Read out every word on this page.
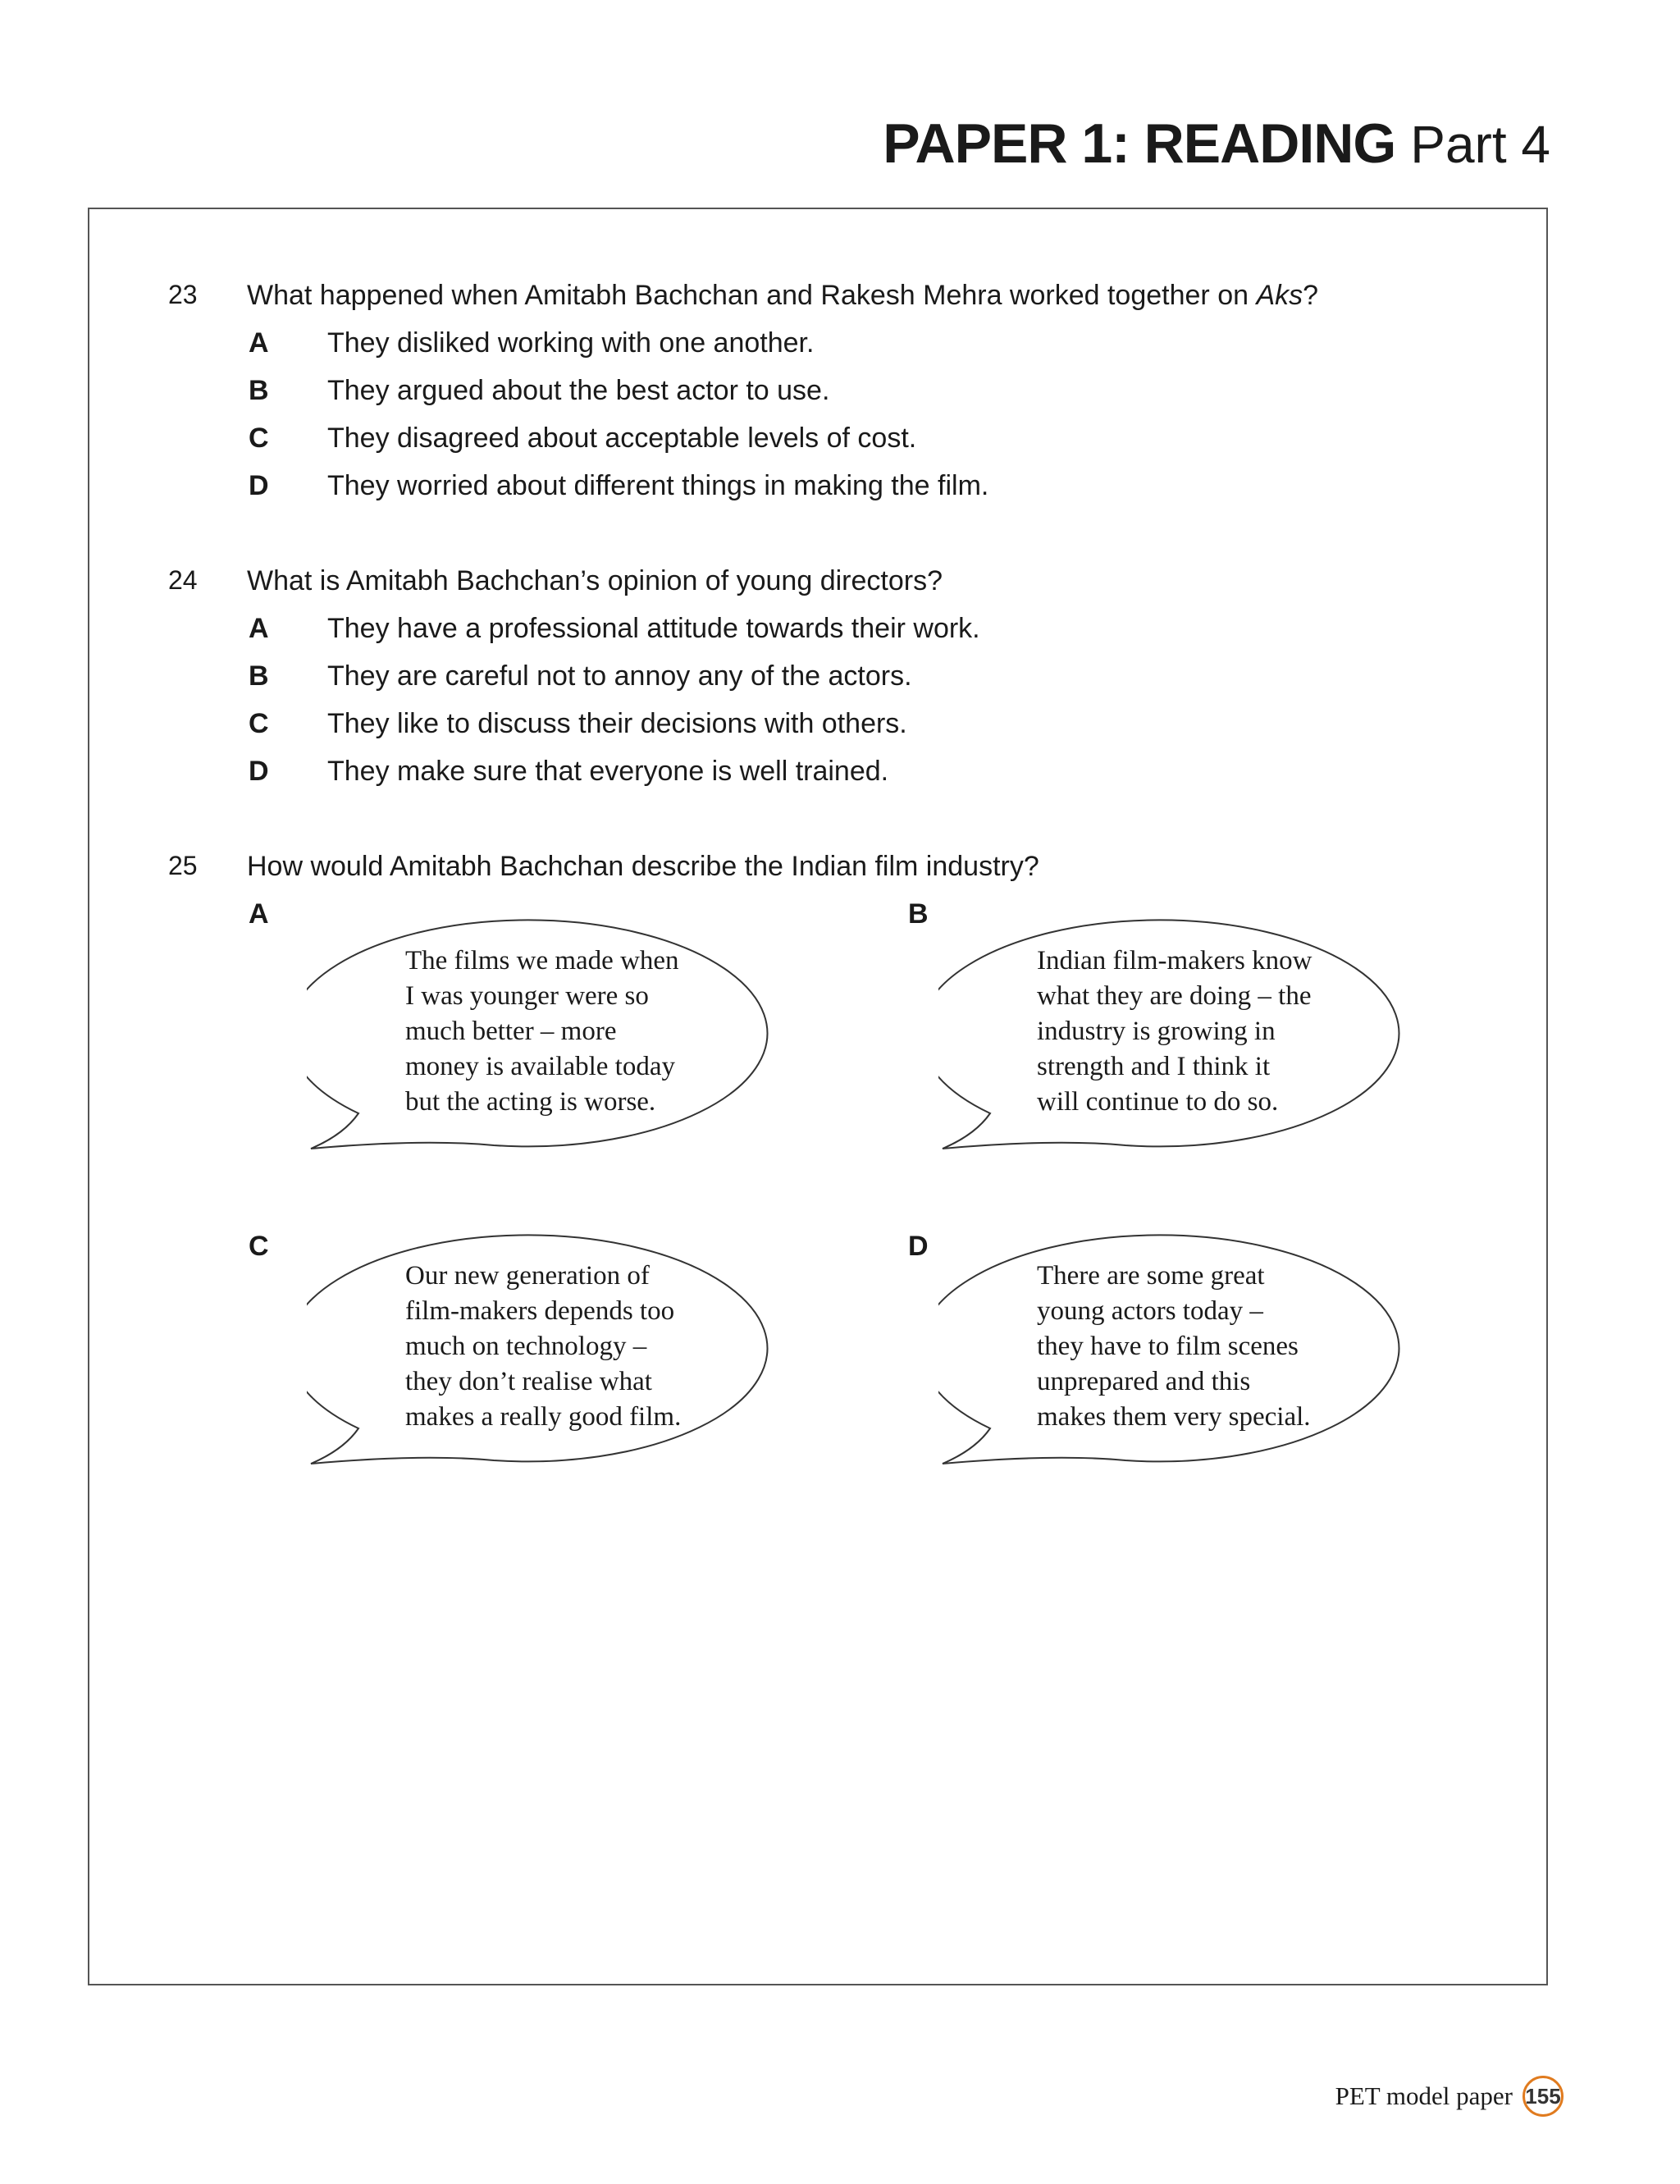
PAPER 1: READING Part 4
23 What happened when Amitabh Bachchan and Rakesh Mehra worked together on Aks?
A They disliked working with one another.
B They argued about the best actor to use.
C They disagreed about acceptable levels of cost.
D They worried about different things in making the film.
24 What is Amitabh Bachchan’s opinion of young directors?
A They have a professional attitude towards their work.
B They are careful not to annoy any of the actors.
C They like to discuss their decisions with others.
D They make sure that everyone is well trained.
25 How would Amitabh Bachchan describe the Indian film industry?
A
The films we made when
I was younger were so
much better – more
money is available today
but the acting is worse.
B
Indian film-makers know
what they are doing – the
industry is growing in
strength and I think it
will continue to do so.
C
Our new generation of
film-makers depends too
much on technology –
they don’t realise what
makes a really good film.
D
There are some great
young actors today –
they have to film scenes
unprepared and this
makes them very special.
PET model paper 155
